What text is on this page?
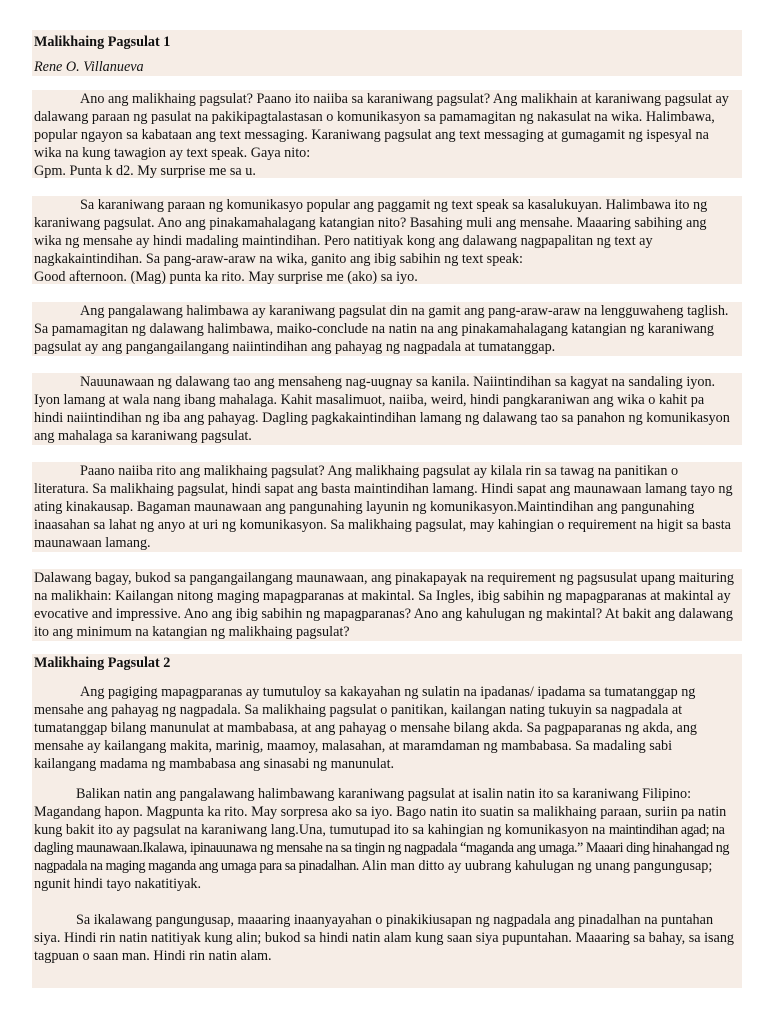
Malikhaing Pagsulat 1

Rene O. Villanueva

Ano ang malikhaing pagsulat? Paano ito naiiba sa karaniwang pagsulat? Ang malikhain at karaniwang pagsulat ay dalawang paraan ng pasulat na pakikipagtalastasan o komunikasyon sa pamamagitan ng nakasulat na wika. Halimbawa, popular ngayon sa kabataan ang text messaging. Karaniwang pagsulat ang text messaging at gumagamit ng ispesyal na wika na kung tawagion ay text speak. Gaya nito:

Gpm. Punta k d2. My surprise me sa u.

Sa karaniwang paraan ng komunikasyo popular ang paggamit ng text speak sa kasalukuyan. Halimbawa ito ng karaniwang pagsulat. Ano ang pinakamahalagang katangian nito? Basahing muli ang mensahe. Maaaring sabihing ang wika ng mensahe ay hindi madaling maintindihan. Pero natitiyak kong ang dalawang nagpapalitan ng text ay nagkakaintindihan. Sa pang-araw-araw na wika, ganito ang ibig sabihin ng text speak:

Good afternoon. (Mag) punta ka rito. May surprise me (ako) sa iyo.

Ang pangalawang halimbawa ay karaniwang pagsulat din na gamit ang pang-araw-araw na lengguwaheng taglish. Sa pamamagitan ng dalawang halimbawa, maiko-conclude na natin na ang pinakamahalagang katangian ng karaniwang pagsulat ay ang pangangailangang naiintindihan ang pahayag ng nagpadala at tumatanggap.

Nauunawaan ng dalawang tao ang mensaheng nag-uugnay sa kanila. Naiintindihan sa kagyat na sandaling iyon. Iyon lamang at wala nang ibang mahalaga. Kahit masalimuot, naiiba, weird, hindi pangkaraniwan ang wika o kahit pa hindi naiintindihan ng iba ang pahayag. Dagling pagkakaintindihan lamang ng dalawang tao sa panahon ng komunikasyon ang mahalaga sa karaniwang pagsulat.

Paano naiiba rito ang malikhaing pagsulat? Ang malikhaing pagsulat ay kilala rin sa tawag na panitikan o literatura. Sa malikhaing pagsulat, hindi sapat ang basta maintindihan lamang. Hindi sapat ang maunawaan lamang tayo ng ating kinakausap. Bagaman maunawaan ang pangunahing layunin ng komunikasyon.Maintindihan ang pangunahing inaasahan sa lahat ng anyo at uri ng komunikasyon. Sa malikhaing pagsulat, may kahingian o requirement na higit sa basta maunawaan lamang.

Dalawang bagay, bukod sa pangangailangang maunawaan, ang pinakapayak na requirement ng pagsusulat upang maituring na malikhain: Kailangan nitong maging mapagparanas at makintal. Sa Ingles, ibig sabihin ng mapagparanas at makintal ay evocative and impressive. Ano ang ibig sabihin ng mapagparanas? Ano ang kahulugan ng makintal? At bakit ang dalawang ito ang minimum na katangian ng malikhaing pagsulat?

Malikhaing Pagsulat 2

Ang pagiging mapagparanas ay tumutuloy sa kakayahan ng sulatin na ipadanas/ ipadama sa tumatanggap ng mensahe ang pahayag ng nagpadala. Sa malikhaing pagsulat o panitikan, kailangan nating tukuyin sa nagpadala at tumatanggap bilang manunulat at mambabasa, at ang pahayag o mensahe bilang akda. Sa pagpaparanas ng akda, ang mensahe ay kailangang makita, marinig, maamoy, malasahan, at maramdaman ng mambabasa. Sa madaling sabi kailangang madama ng mambabasa ang sinasabi ng manunulat.

Balikan natin ang pangalawang halimbawang karaniwang pagsulat at isalin natin ito sa karaniwang Filipino: Magandang hapon. Magpunta ka rito. May sorpresa ako sa iyo. Bago natin ito suatin sa malikhaing paraan, suriin pa natin kung bakit ito ay pagsulat na karaniwang lang.Una, tumutupad ito sa kahingian ng komunikasyon na maintindihan agad; na dagling maunawaan.Ikalawa, ipinauunawa ng mensahe na sa tingin ng nagpadala “maganda ang umaga.” Maaari ding hinahangad ng nagpadala na maging maganda ang umaga para sa pinadalhan. Alin man ditto ay uubrang kahulugan ng unang pangungusap; ngunit hindi tayo nakatitiyak.

Sa ikalawang pangungusap, maaaring inaanyayahan o pinakikiusapan ng nagpadala ang pinadalhan na puntahan siya. Hindi rin natin natitiyak kung alin; bukod sa hindi natin alam kung saan siya pupuntahan. Maaaring sa bahay, sa isang tagpuan o saan man. Hindi rin natin alam.
